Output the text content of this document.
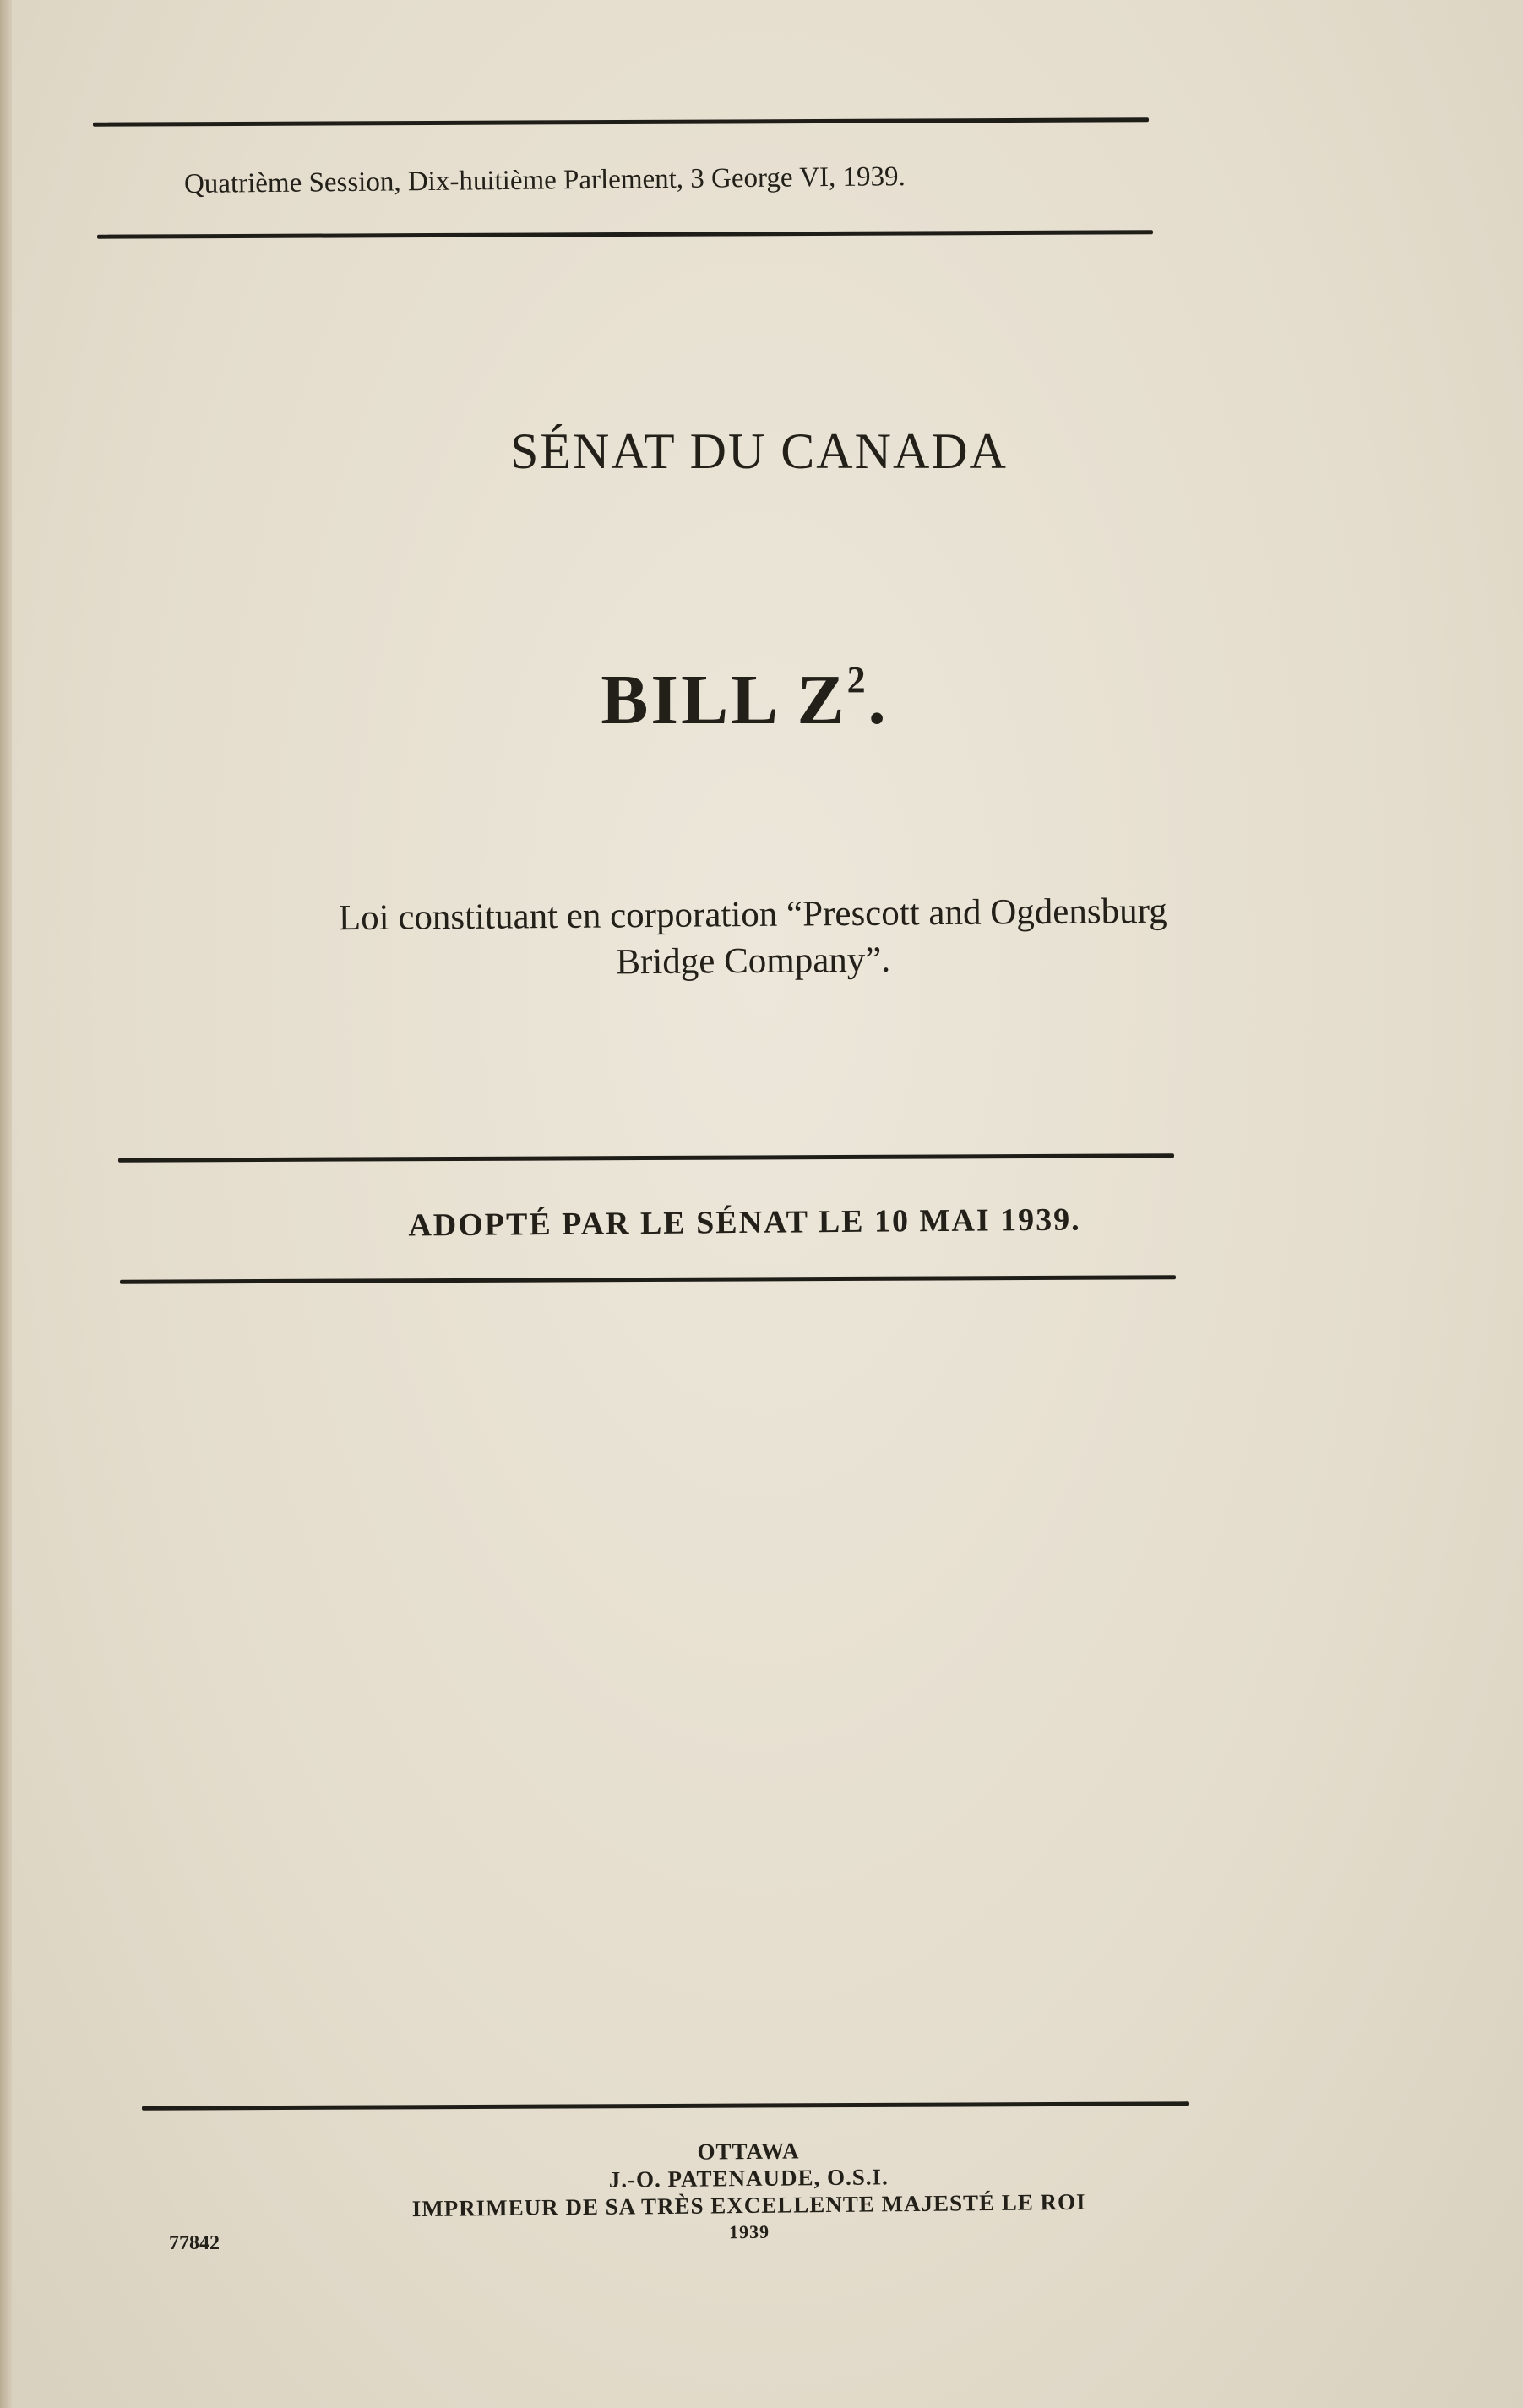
Quatrième Session, Dix-huitième Parlement, 3 George VI, 1939.
SÉNAT DU CANADA
BILL $Z^2$.
Loi constituant en corporation “Prescott and Ogdensburg
Bridge Company”.
ADOPTÉ PAR LE SÉNAT LE 10 MAI 1939.
OTTAWA
J.-O. PATENAUDE, O.S.I.
IMPRIMEUR DE SA TRÈS EXCELLENTE MAJESTÉ LE ROI
1939
77842
